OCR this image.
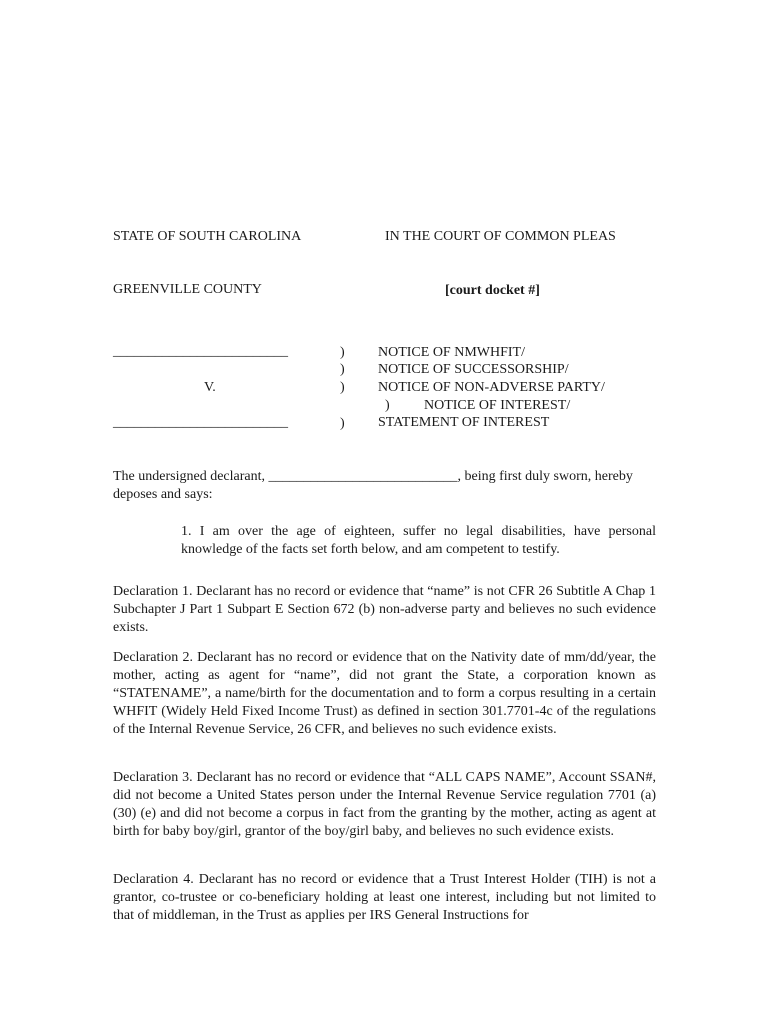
STATE OF SOUTH CAROLINA	IN THE COURT OF COMMON PLEAS
GREENVILLE COUNTY	[court docket #]
_________________________	) NOTICE OF NMWHFIT/
) NOTICE OF SUCCESSORSHIP/
V.	) NOTICE OF NON-ADVERSE PARTY/
) NOTICE OF INTEREST/
_________________________	) STATEMENT OF INTEREST
The undersigned declarant, ___________________________, being first duly sworn, hereby deposes and says:
1. I am over the age of eighteen, suffer no legal disabilities, have personal knowledge of the facts set forth below, and am competent to testify.
Declaration 1. Declarant has no record or evidence that “name” is not CFR 26 Subtitle A Chap 1 Subchapter J Part 1 Subpart E Section 672 (b) non-adverse party and believes no such evidence exists.
Declaration 2. Declarant has no record or evidence that on the Nativity date of mm/dd/year, the mother, acting as agent for “name”, did not grant the State, a corporation known as “STATENAME”, a name/birth for the documentation and to form a corpus resulting in a certain WHFIT (Widely Held Fixed Income Trust) as defined in section 301.7701-4c of the regulations of the Internal Revenue Service, 26 CFR, and believes no such evidence exists.
Declaration 3. Declarant has no record or evidence that “ALL CAPS NAME”, Account SSAN#, did not become a United States person under the Internal Revenue Service regulation 7701 (a) (30) (e) and did not become a corpus in fact from the granting by the mother, acting as agent at birth for baby boy/girl, grantor of the boy/girl baby, and believes no such evidence exists.
Declaration 4. Declarant has no record or evidence that a Trust Interest Holder (TIH) is not a grantor, co-trustee or co-beneficiary holding at least one interest, including but not limited to that of middleman, in the Trust as applies per IRS General Instructions for
